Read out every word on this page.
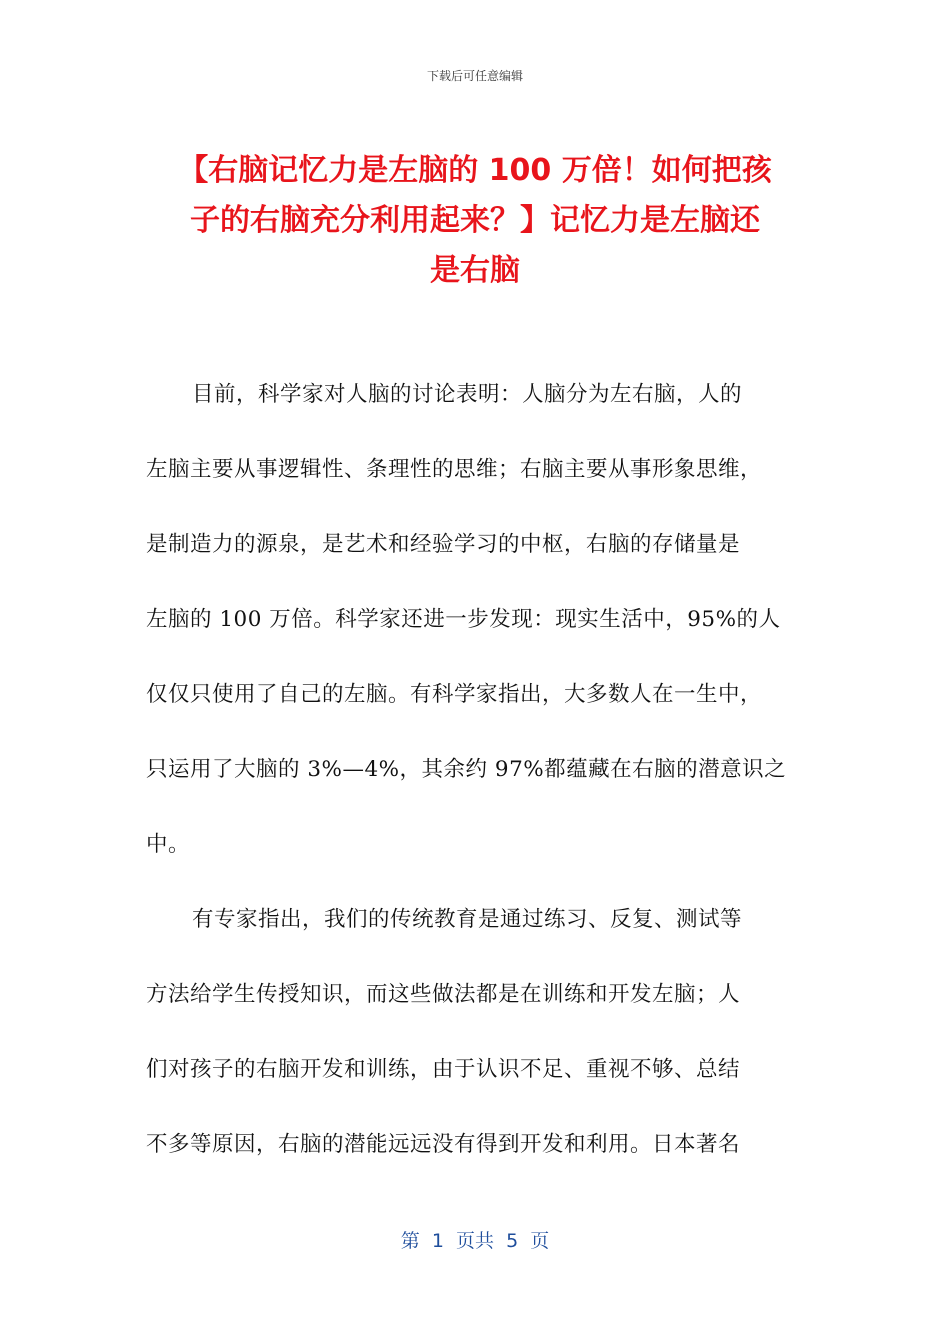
下载后可任意编辑
【右脑记忆力是左脑的 100 万倍！如何把孩
子的右脑充分利用起来？】记忆力是左脑还
是右脑
目前，科学家对人脑的讨论表明：人脑分为左右脑，人的
左脑主要从事逻辑性、条理性的思维；右脑主要从事形象思维，
是制造力的源泉，是艺术和经验学习的中枢，右脑的存储量是
左脑的 100 万倍。科学家还进一步发现：现实生活中，95%的人
仅仅只使用了自己的左脑。有科学家指出，大多数人在一生中，
只运用了大脑的 3%—4%，其余约 97%都蕴藏在右脑的潜意识之
中。
有专家指出，我们的传统教育是通过练习、反复、测试等
方法给学生传授知识，而这些做法都是在训练和开发左脑；人
们对孩子的右脑开发和训练，由于认识不足、重视不够、总结
不多等原因，右脑的潜能远远没有得到开发和利用。日本著名
第  1  页共  5  页
